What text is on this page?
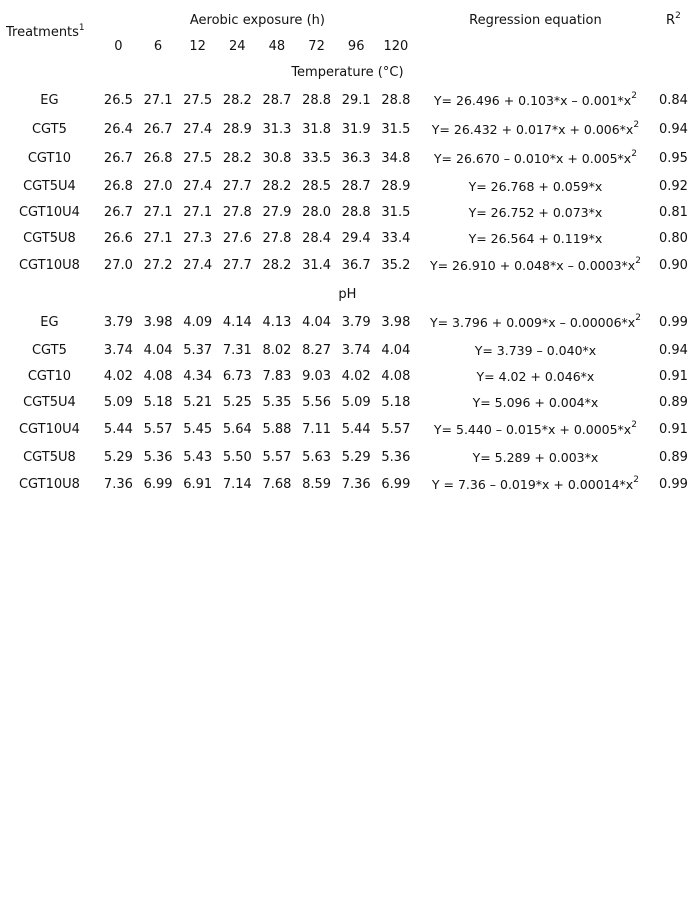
Treatments$^1$	Aerobic exposure (h)								Regression equation	$R^2$
	0	6	12	24	48	72	96	120		
	Temperature (°C)									
EG	26.5	27.1	27.5	28.2	28.7	28.8	29.1	28.8	$Y= 26.496 + 0.103*x - 0.001*x^2$	0.84
CGT5	26.4	26.7	27.4	28.9	31.3	31.8	31.9	31.5	$Y= 26.432 + 0.017*x + 0.006*x^2$	0.94
CGT10	26.7	26.8	27.5	28.2	30.8	33.5	36.3	34.8	$Y= 26.670 - 0.010*x + 0.005*x^2$	0.95
CGT5U4	26.8	27.0	27.4	27.7	28.2	28.5	28.7	28.9	Y= 26.768 + 0.059*x	0.92
CGT10U4	26.7	27.1	27.1	27.8	27.9	28.0	28.8	31.5	Y= 26.752 + 0.073*x	0.81
CGT5U8	26.6	27.1	27.3	27.6	27.8	28.4	29.4	33.4	Y= 26.564 + 0.119*x	0.80
CGT10U8	27.0	27.2	27.4	27.7	28.2	31.4	36.7	35.2	$Y= 26.910 + 0.048*x - 0.0003*x^2$	0.90
	pH									
EG	3.79	3.98	4.09	4.14	4.13	4.04	3.79	3.98	$Y= 3.796 + 0.009*x - 0.00006*x^2$	0.99
CGT5	3.74	4.04	5.37	7.31	8.02	8.27	3.74	4.04	Y= 3.739 – 0.040*x	0.94
CGT10	4.02	4.08	4.34	6.73	7.83	9.03	4.02	4.08	Y= 4.02 + 0.046*x	0.91
CGT5U4	5.09	5.18	5.21	5.25	5.35	5.56	5.09	5.18	Y= 5.096 + 0.004*x	0.89
CGT10U4	5.44	5.57	5.45	5.64	5.88	7.11	5.44	5.57	$Y= 5.440 - 0.015*x + 0.0005*x^2$	0.91
CGT5U8	5.29	5.36	5.43	5.50	5.57	5.63	5.29	5.36	Y= 5.289 + 0.003*x	0.89
CGT10U8	7.36	6.99	6.91	7.14	7.68	8.59	7.36	6.99	$Y = 7.36 - 0.019*x + 0.00014*x^2$	0.99
